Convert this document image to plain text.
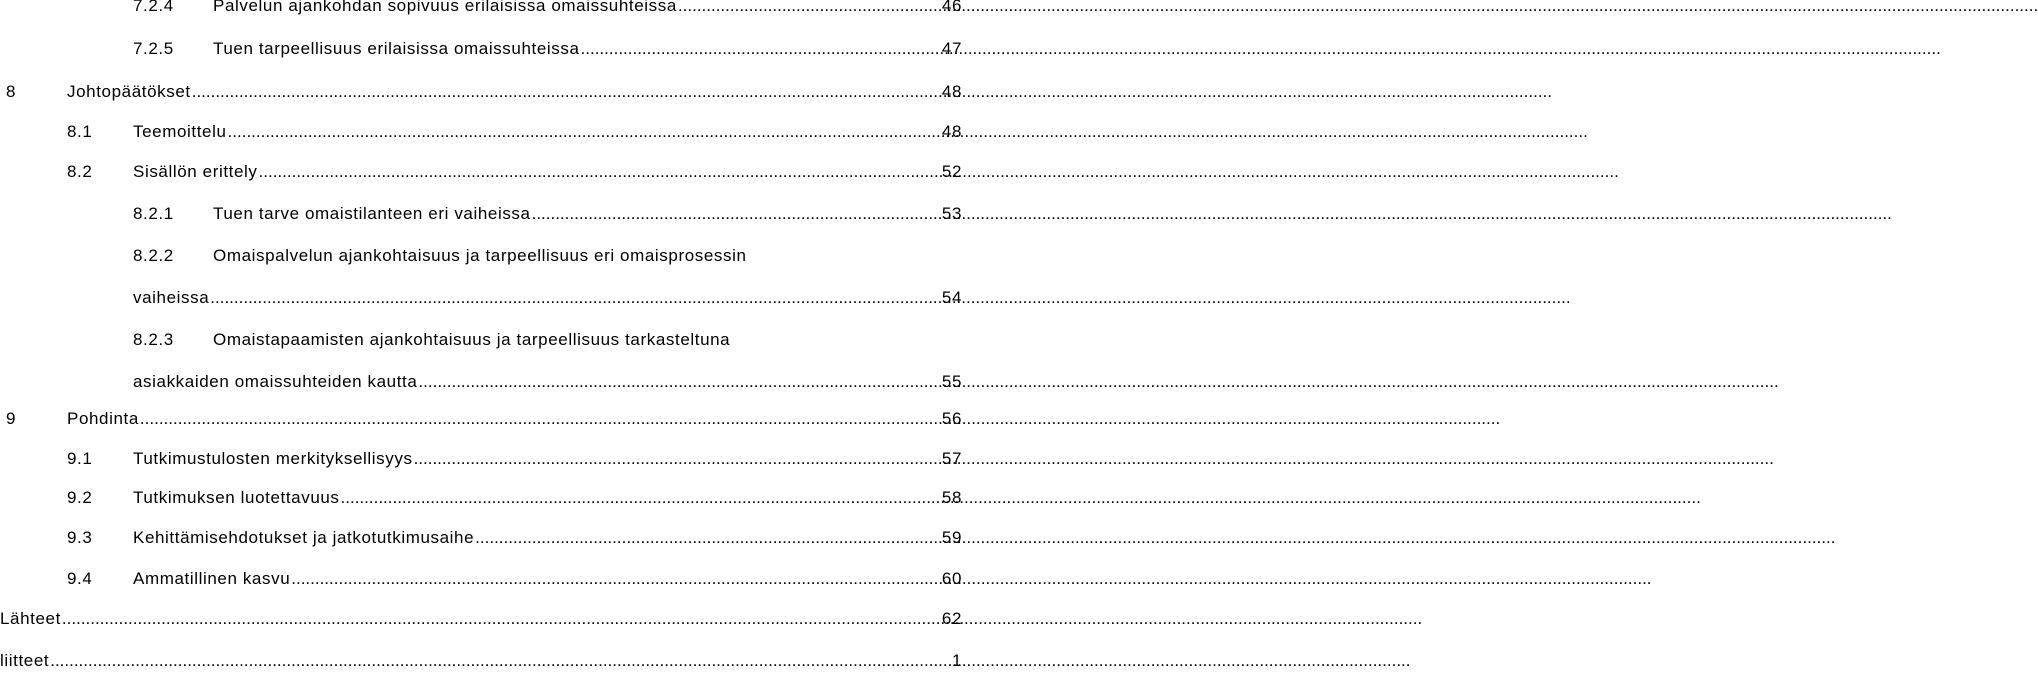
7.2.4	Palvelun ajankohdan sopivuus erilaisissa omaissuhteissa .....	46
7.2.5	Tuen tarpeellisuus erilaisissa omaissuhteissa .....	47
8	Johtopäätökset .....	48
8.1	Teemoittelu .....	48
8.2	Sisällön erittely .....	52
8.2.1	Tuen tarve omaistilanteen eri vaiheissa .....	53
8.2.2	Omaispalvelun ajankohtaisuus ja tarpeellisuus eri omaisprosessin
vaiheissa .....	54
8.2.3	Omaistapaamisten ajankohtaisuus ja tarpeellisuus tarkasteltuna
asiakkaiden omaissuhteiden kautta .....	55
9	Pohdinta .....	56
9.1	Tutkimustulosten merkityksellisyys .....	57
9.2	Tutkimuksen luotettavuus .....	58
9.3	Kehittämisehdotukset ja jatkotutkimusaihe .....	59
9.4	Ammatillinen kasvu .....	60
Lähteet .....	62
liitteet .....	1
